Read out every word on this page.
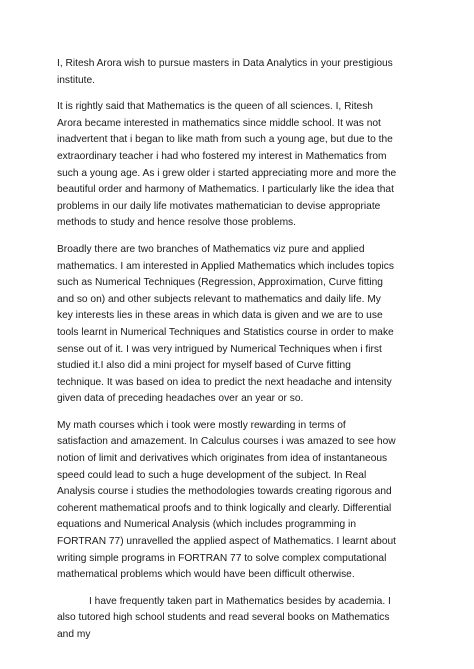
I, Ritesh Arora wish to pursue masters in Data Analytics in your prestigious institute.

It is rightly said that Mathematics is the queen of all sciences. I, Ritesh Arora became interested in mathematics since middle school. It was not inadvertent that i began to like math from such a young age, but due to the extraordinary teacher i had who fostered my interest in Mathematics from such a young age. As i grew older i started appreciating more and more the beautiful order and harmony of Mathematics. I particularly like the idea that problems in our daily life motivates mathematician to devise appropriate methods to study and hence resolve those problems.

Broadly there are two branches of Mathematics viz pure and applied mathematics. I am interested in Applied Mathematics which includes topics such as Numerical Techniques (Regression, Approximation, Curve fitting and so on) and other subjects relevant to mathematics and daily life. My key interests lies in these areas in which data is given and we are to use tools learnt in Numerical Techniques and Statistics course in order to make sense out of it. I was very intrigued by Numerical Techniques when i first studied it.I also did a mini project for myself based of Curve fitting technique. It was based on idea to predict the next headache and intensity given data of preceding headaches over an year or so.

My math courses which i took were mostly rewarding in terms of satisfaction and amazement. In Calculus courses i was amazed to see how notion of limit and derivatives which originates from idea of instantaneous speed could lead to such a huge development of the subject. In Real Analysis course i studies the methodologies towards creating rigorous and coherent mathematical proofs and to think logically and clearly. Differential equations and Numerical Analysis (which includes programming in FORTRAN 77) unravelled the applied aspect of Mathematics. I learnt about writing simple programs in FORTRAN 77 to solve complex computational mathematical problems which would have been difficult otherwise.

I have frequently taken part in Mathematics besides by academia. I also tutored high school students and read several books on Mathematics and my
